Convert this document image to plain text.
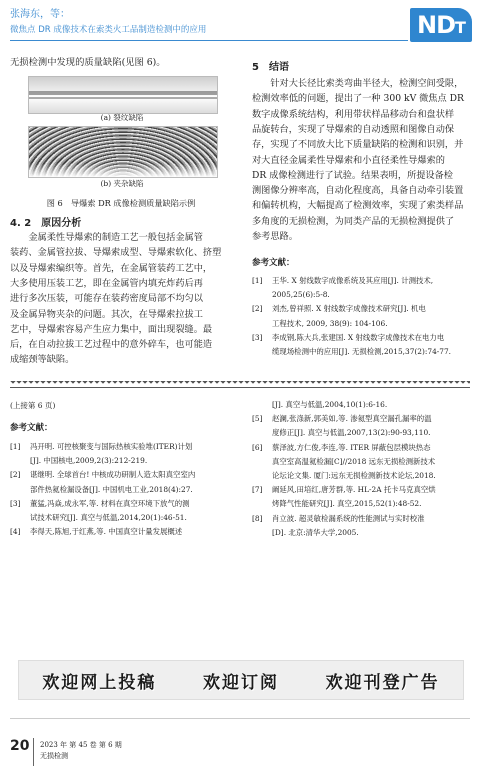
张海东，等：
微焦点 DR 成像技术在索类火工品制造检测中的应用	ND T
无损检测中发现的质量缺陷(见图 6)。
(a) 裂纹缺陷
(b) 夹杂缺陷
图 6　导爆索 DR 成像检测质量缺陷示例
4. 2　原因分析
　　金属柔性导爆索的制造工艺一般包括金属管
装药、金属管拉拔、导爆索成型、导爆索软化、挤塑
以及导爆索编织等。首先，在金属管装药工艺中，
大多使用压装工艺，即在金属管内填充炸药后再
进行多次压装，可能存在装药密度局部不均匀以
及金属异物夹杂的问题。其次，在导爆索拉拔工
艺中，导爆索容易产生应力集中，面出现裂缝。最
后，在自动拉拔工艺过程中的意外碎车，也可能造
成缩颈等缺陷。
5　结语
　　针对大长径比索类弯曲半径大，检测空间受限，
检测效率低的问题，提出了一种 300 kV 微焦点 DR
数字成像系统结构，利用带状样品移动台和盘状样
品旋转台，实现了导爆索的自动透照和图像自动保
存，实现了不同放大比下质量缺陷的检测和识别，并
对大直径金属柔性导爆索和小直径柔性导爆索的
DR 成像检测进行了试验。结果表明，所提设备检
测图像分辨率高，自动化程度高，具备自动牵引装置
和偏转机构，大幅提高了检测效率，实现了索类样品
多角度的无损检测，为同类产品的无损检测提供了
参考思路。
参考文献：
[1] 王华. X 射线数字成像系统及其应用[J]. 计测技术,
2005,25(6):5-8.
[2] 刘杰,曾祥照. X 射线数字成像技术研究[J]. 机电
工程技术, 2009, 38(9): 104-106.
[3] 李成钢,陈大兵,张建国. X 射线数字成像技术在电力电
缆现场检测中的应用[J]. 无损检测,2015,37(2):74-77.
(上接第 6 页)
参考文献：
[1] 冯开明. 可控核聚变与国际热核实验堆(ITER)计划
[J]. 中国核电,2009,2(3):212-219.
[2] 谌继明. 全球首台! 中核成功研制人造太阳真空室内
部件热氦检漏设备[J]. 中国机电工业,2018(4):27.
[3] 董猛,冯焱,成永军,等. 材料在真空环境下放气的测
试技术研究[J]. 真空与低温,2014,20(1):46-51.
[4] 李得天,陈旭,于红燕,等. 中国真空计量发展概述
[J]. 真空与低温,2004,10(1):6-16.
[5] 赵澜,张涤新,郭美如,等. 渗氦型真空漏孔漏率的温
度修正[J]. 真空与低温,2007,13(2):90-93,110.
[6] 蔡泽波,方仁俊,李连,等. ITER 屏蔽包层模块热态
真空室高温氦检漏[C]//2018 远东无损检测新技术
论坛论文集. 厦门:远东无损检测新技术论坛,2018.
[7] 阚延风,田培红,唐芳群,等. HL-2A 托卡马克真空烘
烤降气性能研究[J]. 真空,2015,52(1):48-52.
[8] 肖立波. 超灵敏检漏系统的性能测试与实时校准
[D]. 北京:清华大学,2005.
欢迎网上投稿	欢迎订阅	欢迎刊登广告
20 2023 年 第 45 卷 第 6 期
无损检测
